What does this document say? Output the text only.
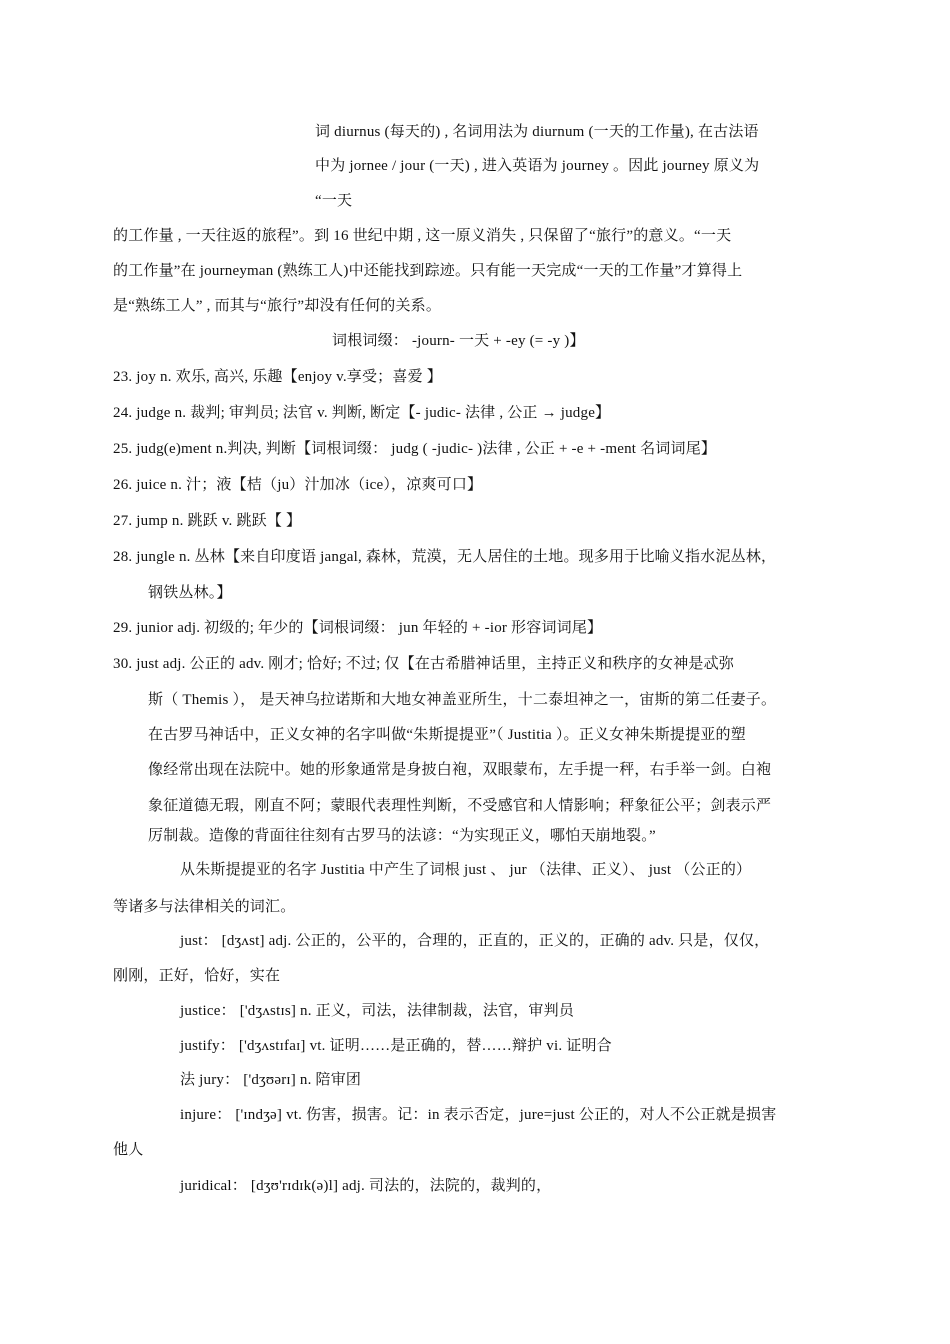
词 diurnus (每天的) , 名词用法为 diurnum (一天的工作量), 在古法语
中为 jornee / jour (一天) , 进入英语为 journey 。因此 journey 原义为
“一天
的工作量 , 一天往返的旅程”。到 16 世纪中期 , 这一原义消失 , 只保留了“旅行”的意义。“一天
的工作量”在 journeyman (熟练工人)中还能找到踪迹。只有能一天完成“一天的工作量”才算得上
是“熟练工人” , 而其与“旅行”却没有任何的关系。
词根词缀： -journ- 一天 + -ey (= -y )】
23. joy n. 欢乐, 高兴, 乐趣【enjoy v.享受；喜爱 】
24. judge n. 裁判; 审判员; 法官 v. 判断, 断定【- judic- 法律 , 公正 → judge】
25. judg(e)ment n.判决, 判断【词根词缀： judg ( -judic- )法律 , 公正 + -e + -ment 名词词尾】
26. juice n. 汁；液【桔（ju）汁加冰（ice），凉爽可口】
27. jump n. 跳跃 v. 跳跃【 】
28. jungle n. 丛林【来自印度语 jangal, 森林，荒漠，无人居住的土地。现多用于比喻义指水泥丛林，
钢铁丛林。】
29. junior adj. 初级的; 年少的【词根词缀： jun 年轻的 + -ior 形容词词尾】
30. just adj. 公正的 adv. 刚才; 恰好; 不过; 仅【在古希腊神话里，主持正义和秩序的女神是忒弥
斯（ Themis ）， 是天神乌拉诺斯和大地女神盖亚所生，十二泰坦神之一，宙斯的第二任妻子。
在古罗马神话中，正义女神的名字叫做“朱斯提提亚”（ Justitia ）。正义女神朱斯提提亚的塑
像经常出现在法院中。她的形象通常是身披白袍，双眼蒙布，左手提一秤，右手举一剑。白袍
象征道德无瑕，刚直不阿；蒙眼代表理性判断，不受感官和人情影响；秤象征公平；剑表示严
厉制裁。造像的背面往往刻有古罗马的法谚：“为实现正义，哪怕天崩地裂。”
从朱斯提提亚的名字 Justitia 中产生了词根 just 、 jur （法律、正义）、 just （公正的）
等诸多与法律相关的词汇。
just： [dʒʌst] adj. 公正的，公平的，合理的，正直的，正义的，正确的 adv. 只是，仅仅，
刚刚，正好，恰好，实在
justice： ['dʒʌstɪs] n. 正义，司法，法律制裁，法官，审判员
justify： ['dʒʌstɪfaɪ] vt. 证明……是正确的，替……辩护 vi. 证明合
法 jury： ['dʒʊərɪ] n. 陪审团
injure： ['ɪndʒə] vt. 伤害，损害。记：in 表示否定，jure=just 公正的，对人不公正就是损害
他人
juridical： [dʒʊ'rɪdɪk(ə)l] adj. 司法的，法院的，裁判的，
